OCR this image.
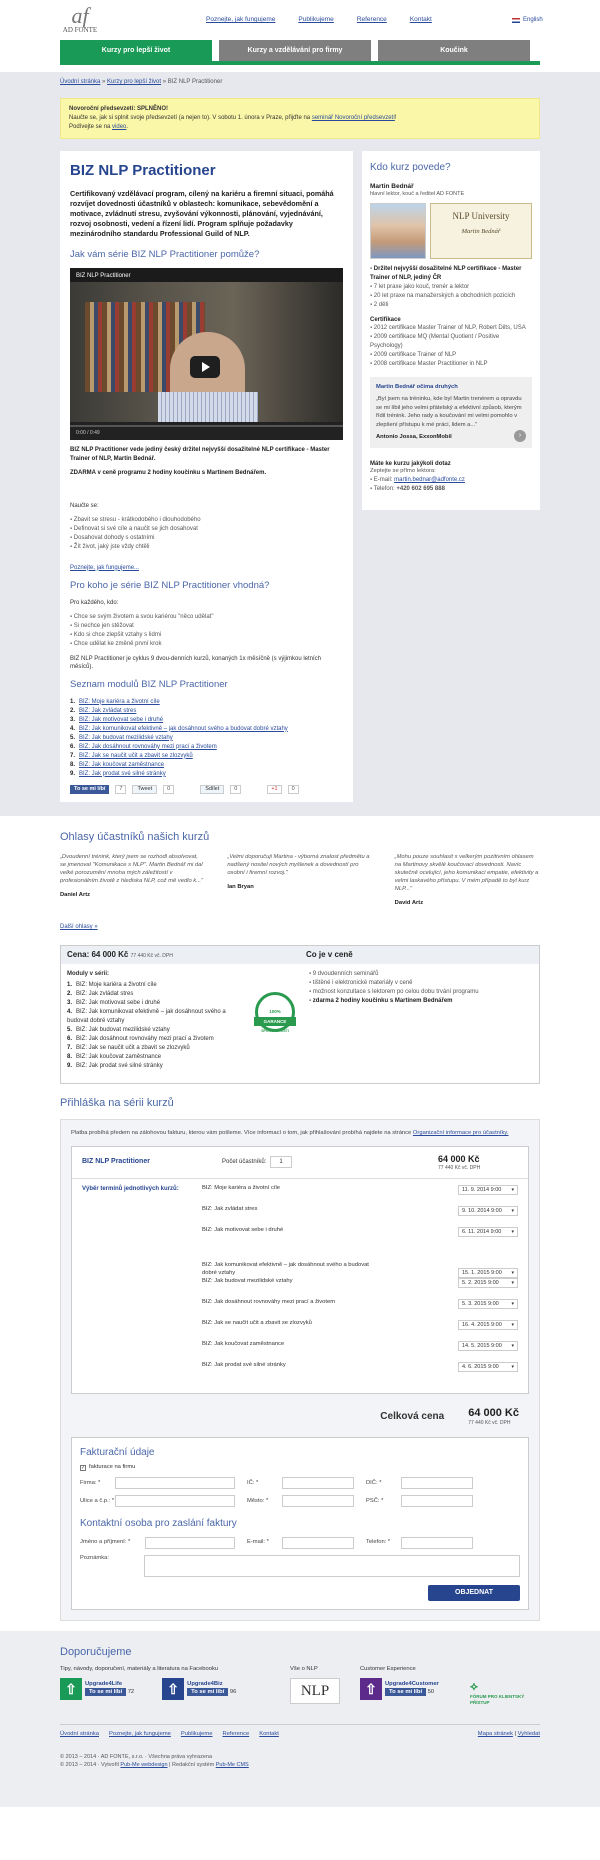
af
AD FONTE
Poznejte, jak fungujeme	Publikujeme	Reference	Kontakt	English
Kurzy pro lepší život	Kurzy a vzdělávání pro firmy	Koučink
Úvodní stránka » Kurzy pro lepší život » BIZ NLP Practitioner
Novoroční předsevzetí: SPLNĚNO!
Naučte se, jak si splnit svoje předsevzetí (a nejen to). V sobotu 1. února v Praze, přijďte na seminář Novoroční předsevzetí!
Podívejte se na video.
BIZ NLP Practitioner
Certifikovaný vzdělávací program, cílený na kariéru a firemní situaci, pomáhá rozvíjet dovednosti účastníků v oblastech: komunikace, sebevědomění a motivace, zvládnutí stresu, zvyšování výkonnosti, plánování, vyjednávání, rozvoj osobnosti, vedení a řízení lidí. Program splňuje požadavky mezinárodního standardu Professional Guild of NLP.
Jak vám série BIZ NLP Practitioner pomůže?
BIZ NLP Practitioner
0:00 / 0:49
BIZ NLP Practitioner vede jediný český držitel nejvyšší dosažitelné NLP certifikace - Master Trainer of NLP, Martin Bednář.
ZDARMA v ceně programu 2 hodiny koučinku s Martinem Bednářem.

Naučte se:

▪ Zbavit se stresu - krátkodobého i dlouhodobého
▪ Definovat si své cíle a naučit se jich dosahovat
▪ Dosahovat dohody s ostatními
▪ Žít život, jaký jste vždy chtěli

Poznejte, jak fungujeme...

Pro koho je série BIZ NLP Practitioner vhodná?

Pro každého, kdo:

▪ Chce se svým životem a svou kariérou "něco udělat"
▪ Si nechce jen stěžovat
▪ Kdo si chce zlepšit vztahy s lidmi
▪ Chce udělat ke změně první krok

BIZ NLP Practitioner je cyklus 9 dvou-denních kurzů, konaných 1x měsíčně (s výjimkou letních měsíců).

Seznam modulů BIZ NLP Practitioner
1. BIZ: Moje kariéra a životní cíle
2. BIZ: Jak zvládat stres
3. BIZ: Jak motivovat sebe i druhé
4. BIZ: Jak komunikovat efektivně – jak dosáhnout svého a budovat dobré vztahy
5. BIZ: Jak budovat mezilidské vztahy
6. BIZ: Jak dosáhnout rovnováhy mezi prací a životem
7. BIZ: Jak se naučit učit a zbavit se zlozvyků
8. BIZ: Jak koučovat zaměstnance
9. BIZ: Jak prodat své silné stránky
To se mi líbí	7	Tweet	0	Sdílet	0	+1	0
Kdo kurz povede?
Martin Bednář
hlavní lektor, kouč a ředitel AD FONTE
NLP University
Martin Bednář
▪ Držitel nejvyšší dosažitelné NLP certifikace - Master Trainer of NLP, jediný ČR
▪ 7 let praxe jako kouč, trenér a lektor
▪ 20 let praxe na manažerských a obchodních pozicích
▪ 2 děti
Certifikace
▪ 2012 certifikace Master Trainer of NLP, Robert Dilts, USA
▪ 2009 certifikace MQ (Mental Quotient / Positive Psychology)
▪ 2009 certifikace Trainer of NLP
▪ 2008 certifikace Master Practitioner in NLP
Martin Bednář očima druhých
„Byl jsem na tréninku, kde byl Martin trenérem a opravdu se mi líbil jeho velmi přátelský a efektivní způsob, kterým řídil trénink. Jeho rady a koučování mi velmi pomohlo v zlepšení přístupu k mé práci, lidem a..."
Antonio Jossa, ExxonMobil	›
Máte ke kurzu jakýkoli dotaz
Zeptejte se přímo lektora:
▪ E-mail: martin.bednar@adfonte.cz
▪ Telefon: +420 602 695 888
Ohlasy účastníků našich kurzů
„Dvoudenní trénink, který jsem se rozhodl absolvovat, se jmenoval "Komunikace s NLP". Martin Bednář mi dal velké porozumění mnoha mých záležitostí v profesionálním životě z hlediska NLP, což mě vedlo k..."
Daniel Artz
„Velmi doporučuji Martina - výborná znalost předmětu a nadšený nositel nových myšlenek a dovedností pro osobní i firemní rozvoj."
Ian Bryan
„Mohu pouze souhlasit s velkerým pozitivním ohlasem na Martinovy skvělé koučovací dovednosti. Navíc skutečně ocelující, jeho komunikaci empatie, efektivity a velmi laskavého přístupu. V mém případě to byl kurz NLP..."
David Artz
Další ohlasy »
Cena: 64 000 Kč 77 440 Kč vč. DPH	Co je v ceně
Moduly v sérii:
1. BIZ: Moje kariéra a životní cíle
2. BIZ: Jak zvládat stres
3. BIZ: Jak motivovat sebe i druhé
4. BIZ: Jak komunikovat efektivně – jak dosáhnout svého a budovat dobré vztahy
5. BIZ: Jak budovat mezilidské vztahy
6. BIZ: Jak dosáhnout rovnováhy mezi prací a životem
7. BIZ: Jak se naučit učit a zbavit se zlozvyků
8. BIZ: Jak koučovat zaměstnance
9. BIZ: Jak prodat své silné stránky
100%
GARANCE
SPOKOJENOSTI
▪ 9 dvoudenních seminářů
▪ tištěné i elektronické materiály v ceně
▪ možnost konzultace s lektorem po celou dobu trvání programu
▪ zdarma 2 hodiny koučinku s Martinem Bednářem
Přihláška na sérii kurzů
Platba probíhá předem na zálohovou fakturu, kterou vám pošleme. Více informací o tom, jak přihlašování probíhá najdete na stránce Organizační informace pro účastníky.
BIZ NLP Practitioner	Počet účastníků:	1	64 000 Kč
77 440 Kč vč. DPH
Výběr termínů jednotlivých kurzů:	BIZ: Moje kariéra a životní cíle	11. 9. 2014 9:00 ▾
BIZ: Jak zvládat stres	9. 10. 2014 9:00 ▾
BIZ: Jak motivovat sebe i druhé	6. 11. 2014 9:00 ▾
BIZ: Jak komunikovat efektivně – jak dosáhnout svého a budovat dobré vztahy	15. 1. 2015 9:00 ▾
BIZ: Jak budovat mezilidské vztahy	5. 2. 2015 9:00 ▾
BIZ: Jak dosáhnout rovnováhy mezi prací a životem	5. 3. 2015 9:00 ▾
BIZ: Jak se naučit učit a zbavit se zlozvyků	16. 4. 2015 9:00 ▾
BIZ: Jak koučovat zaměstnance	14. 5. 2015 9:00 ▾
BIZ: Jak prodat své silné stránky	4. 6. 2015 9:00 ▾
Celková cena 64 000 Kč
77 440 Kč vč. DPH
Fakturační údaje
✓ fakturace na firmu
Firma: *	IČ: *	DIČ: *
Ulice a č.p.: *	Město: *	PSČ: *
Kontaktní osoba pro zaslání faktury
Jméno a příjmení: *	E-mail: *	Telefon: *
Poznámka:
OBJEDNAT
Doporučujeme
Tipy, návody, doporučení, materiály a literatura na Facebooku
⇧	Upgrade4Life
To se mi líbí 72	⇧	Upgrade4Biz
To se mi líbí 96
Vše o NLP
NLP
Customer Experience
⇧	Upgrade4Customer
To se mi líbí 50	⟡
FÓRUM PRO KLIENTSKÝ PŘÍSTUP
Úvodní stránka Poznejte, jak fungujeme Publikujeme Reference Kontakt	Mapa stránek | Vyhledat
© 2013 – 2014 · AD FONTE, s.r.o. · Všechna práva vyhrazena
© 2013 – 2014 · Vytvořil Pub-Me webdesign | Redakční systém Pub-Me CMS
